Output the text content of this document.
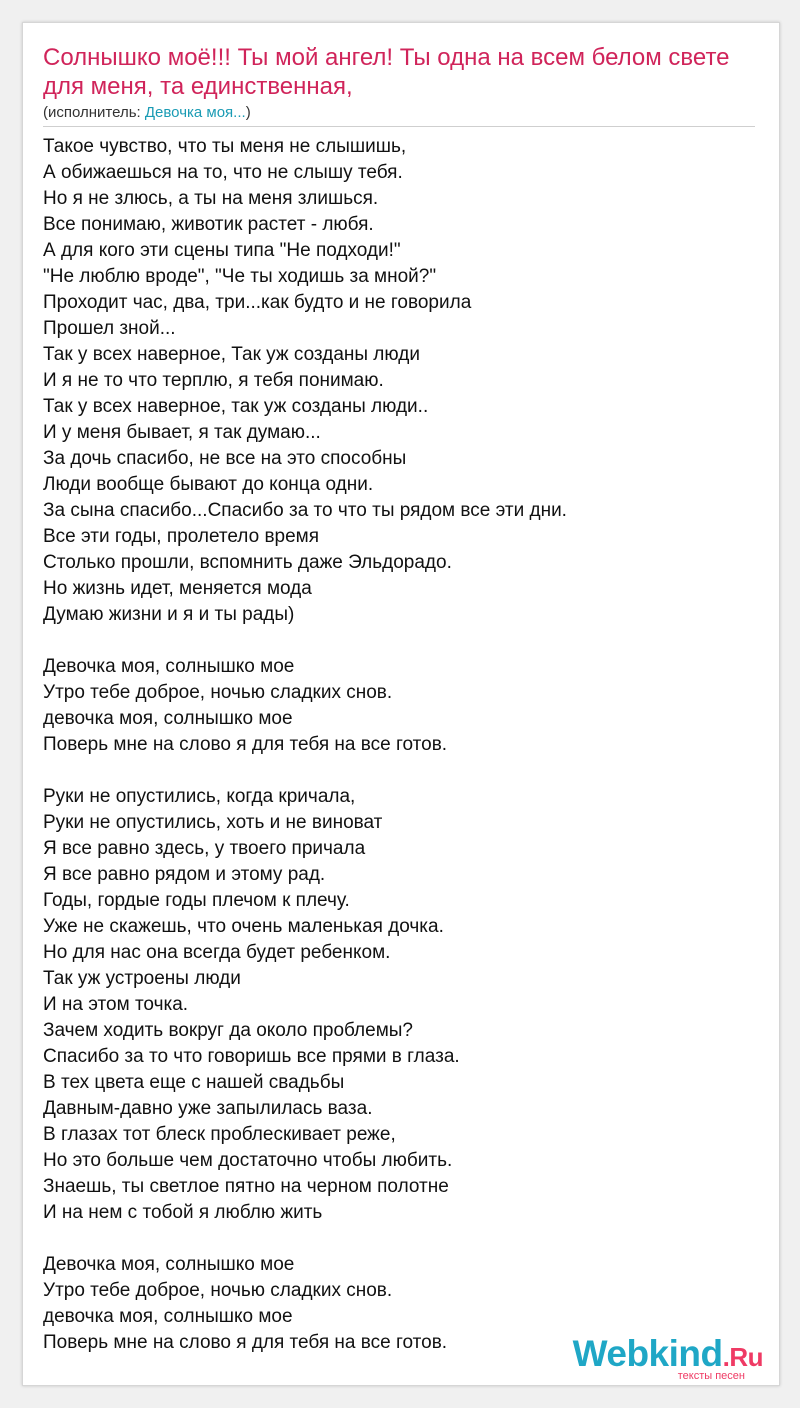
Солнышко моё!!! Ты мой ангел! Ты одна на всем белом свете для меня, та единственная,
(исполнитель: Девочка моя...)
Такое чувство, что ты меня не слышишь,
А обижаешься на то, что не слышу тебя.
Но я не злюсь, а ты на меня злишься.
Все понимаю, животик растет - любя.
А для кого эти сцены типа "Не подходи!"
"Не люблю вроде", "Че ты ходишь за мной?"
Проходит час, два, три...как будто и не говорила
Прошел зной...
Так у всех наверное, Так уж созданы люди
И я не то что терплю, я тебя понимаю.
Так у всех наверное, так уж созданы люди..
И у меня бывает, я так думаю...
За дочь спасибо, не все на это способны
Люди вообще бывают до конца одни.
За сына спасибо...Спасибо за то что ты рядом все эти дни.
Все эти годы, пролетело время
Столько прошли, вспомнить даже Эльдорадо.
Но жизнь идет, меняется мода
Думаю жизни и я и ты рады)
Девочка моя, солнышко мое
Утро тебе доброе, ночью сладких снов.
девочка моя, солнышко мое
Поверь мне на слово я для тебя на все готов.
Руки не опустились, когда кричала,
Руки не опустились, хоть и не виноват
Я все равно здесь, у твоего причала
Я все равно рядом и этому рад.
Годы, гордые годы плечом к плечу.
Уже не скажешь, что очень маленькая дочка.
Но для нас она всегда будет ребенком.
Так уж устроены люди
И на этом точка.
Зачем ходить вокруг да около проблемы?
Спасибо за то что говоришь все прями в глаза.
В тех цвета еще с нашей свадьбы
Давным-давно уже запылилась ваза.
В глазах тот блеск проблескивает реже,
Но это больше чем достаточно чтобы любить.
Знаешь, ты светлое пятно на черном полотне
И на нем с тобой я люблю жить
Девочка моя, солнышко мое
Утро тебе доброе, ночью сладких снов.
девочка моя, солнышко мое
Поверь мне на слово я для тебя на все готов.	Webkind.Ru
тексты песен
